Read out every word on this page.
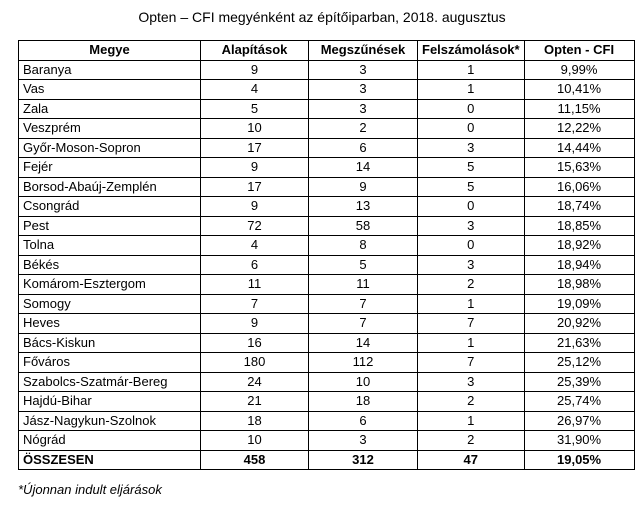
Opten – CFI megyénként az építőiparban, 2018. augusztus
Megye	Alapítások	Megszűnések	Felszámolások*	Opten - CFI
Baranya	9	3	1	9,99%
Vas	4	3	1	10,41%
Zala	5	3	0	11,15%
Veszprém	10	2	0	12,22%
Győr-Moson-Sopron	17	6	3	14,44%
Fejér	9	14	5	15,63%
Borsod-Abaúj-Zemplén	17	9	5	16,06%
Csongrád	9	13	0	18,74%
Pest	72	58	3	18,85%
Tolna	4	8	0	18,92%
Békés	6	5	3	18,94%
Komárom-Esztergom	11	11	2	18,98%
Somogy	7	7	1	19,09%
Heves	9	7	7	20,92%
Bács-Kiskun	16	14	1	21,63%
Főváros	180	112	7	25,12%
Szabolcs-Szatmár-Bereg	24	10	3	25,39%
Hajdú-Bihar	21	18	2	25,74%
Jász-Nagykun-Szolnok	18	6	1	26,97%
Nógrád	10	3	2	31,90%
ÖSSZESEN	458	312	47	19,05%
*Újonnan indult eljárások
